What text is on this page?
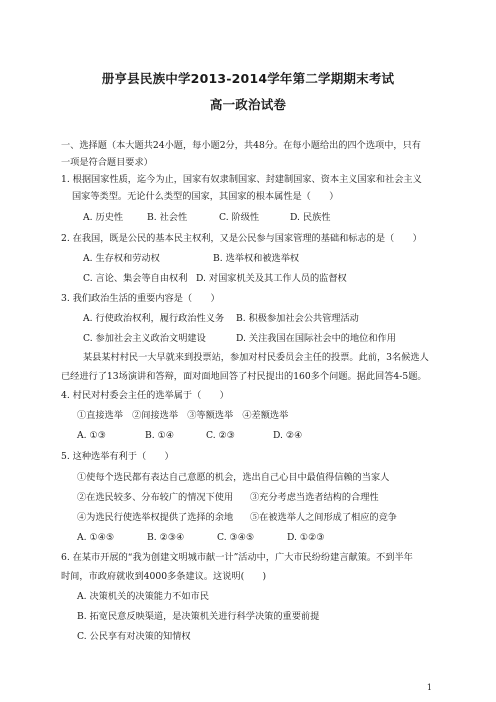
册亨县民族中学2013-2014学年第二学期期末考试
高一政治试卷
一、选择题（本大题共24小题，每小题2分，共48分。在每小题给出的四个选项中，只有
一项是符合题目要求）
1. 根据国家性质，迄今为止，国家有奴隶制国家、封建制国家、资本主义国家和社会主义
国家等类型。无论什么类型的国家，其国家的根本属性是（　　）
A. 历史性	B. 社会性	C. 阶级性	D. 民族性
2. 在我国，既是公民的基本民主权利，又是公民参与国家管理的基础和标志的是（　　）
A. 生存权和劳动权	B. 选举权和被选举权
C. 言论、集会等自由权利 D. 对国家机关及其工作人员的监督权
3. 我们政治生活的重要内容是（　　）
A. 行使政治权利，履行政治性义务 B. 积极参加社会公共管理活动
C. 参加社会主义政治文明建设	D. 关注我国在国际社会中的地位和作用
某县某村村民一大早就来到投票站，参加对村民委员会主任的投票。此前，3名候选人
已经进行了13场演讲和答辩，面对面地回答了村民提出的160多个问题。据此回答4-5题。
4. 村民对村委会主任的选举属于（　　）
①直接选举　②间接选举　③等额选举　④差额选举
A. ①③	B. ①④	C. ②③	D. ②④
5. 这种选举有利于（　　）
①使每个选民都有表达自己意愿的机会，选出自己心目中最值得信赖的当家人
②在选民较多、分布较广的情况下使用 ③充分考虑当选者结构的合理性
④为选民行使选举权提供了选择的余地 ⑤在被选举人之间形成了相应的竞争
A. ①④⑤	B. ②③④	C. ③④⑤	D. ①②③
6. 在某市开展的“我为创建文明城市献一计”活动中，广大市民纷纷建言献策。不到半年
时间，市政府就收到4000多条建议。这说明(　　)
A. 决策机关的决策能力不如市民
B. 拓宽民意反映渠道，是决策机关进行科学决策的重要前提
C. 公民享有对决策的知情权
1
